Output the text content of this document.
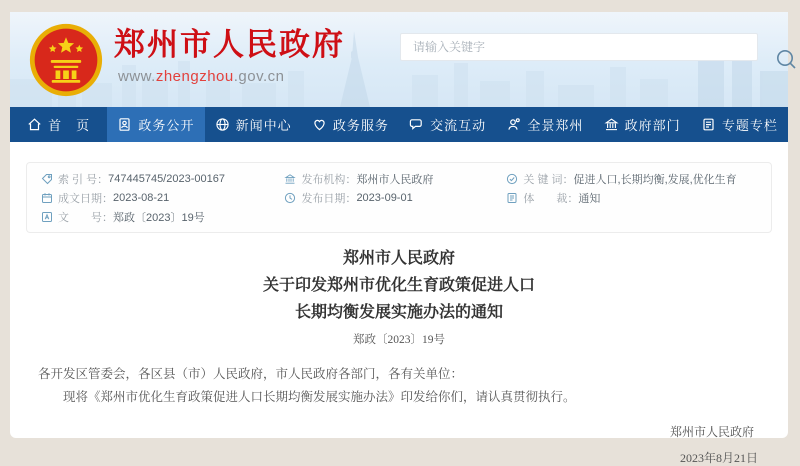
郑州市人民政府
www.zhengzhou.gov.cn
请输入关键字
首　页	政务公开	新闻中心	政务服务	交流互动	全景郑州	政府部门	专题专栏
索 引 号： 747445745/2023-00167
成文日期： 2023-08-21
文　　号： 郑政〔2023〕19号
发布机构： 郑州市人民政府
发布日期： 2023-09-01
关 键 词： 促进人口,长期均衡,发展,优化生育
体　　裁： 通知
郑州市人民政府
关于印发郑州市优化生育政策促进人口
长期均衡发展实施办法的通知
郑政〔2023〕19号

各开发区管委会，各区县（市）人民政府，市人民政府各部门，各有关单位：

现将《郑州市优化生育政策促进人口长期均衡发展实施办法》印发给你们，请认真贯彻执行。

郑州市人民政府
2023年8月21日
